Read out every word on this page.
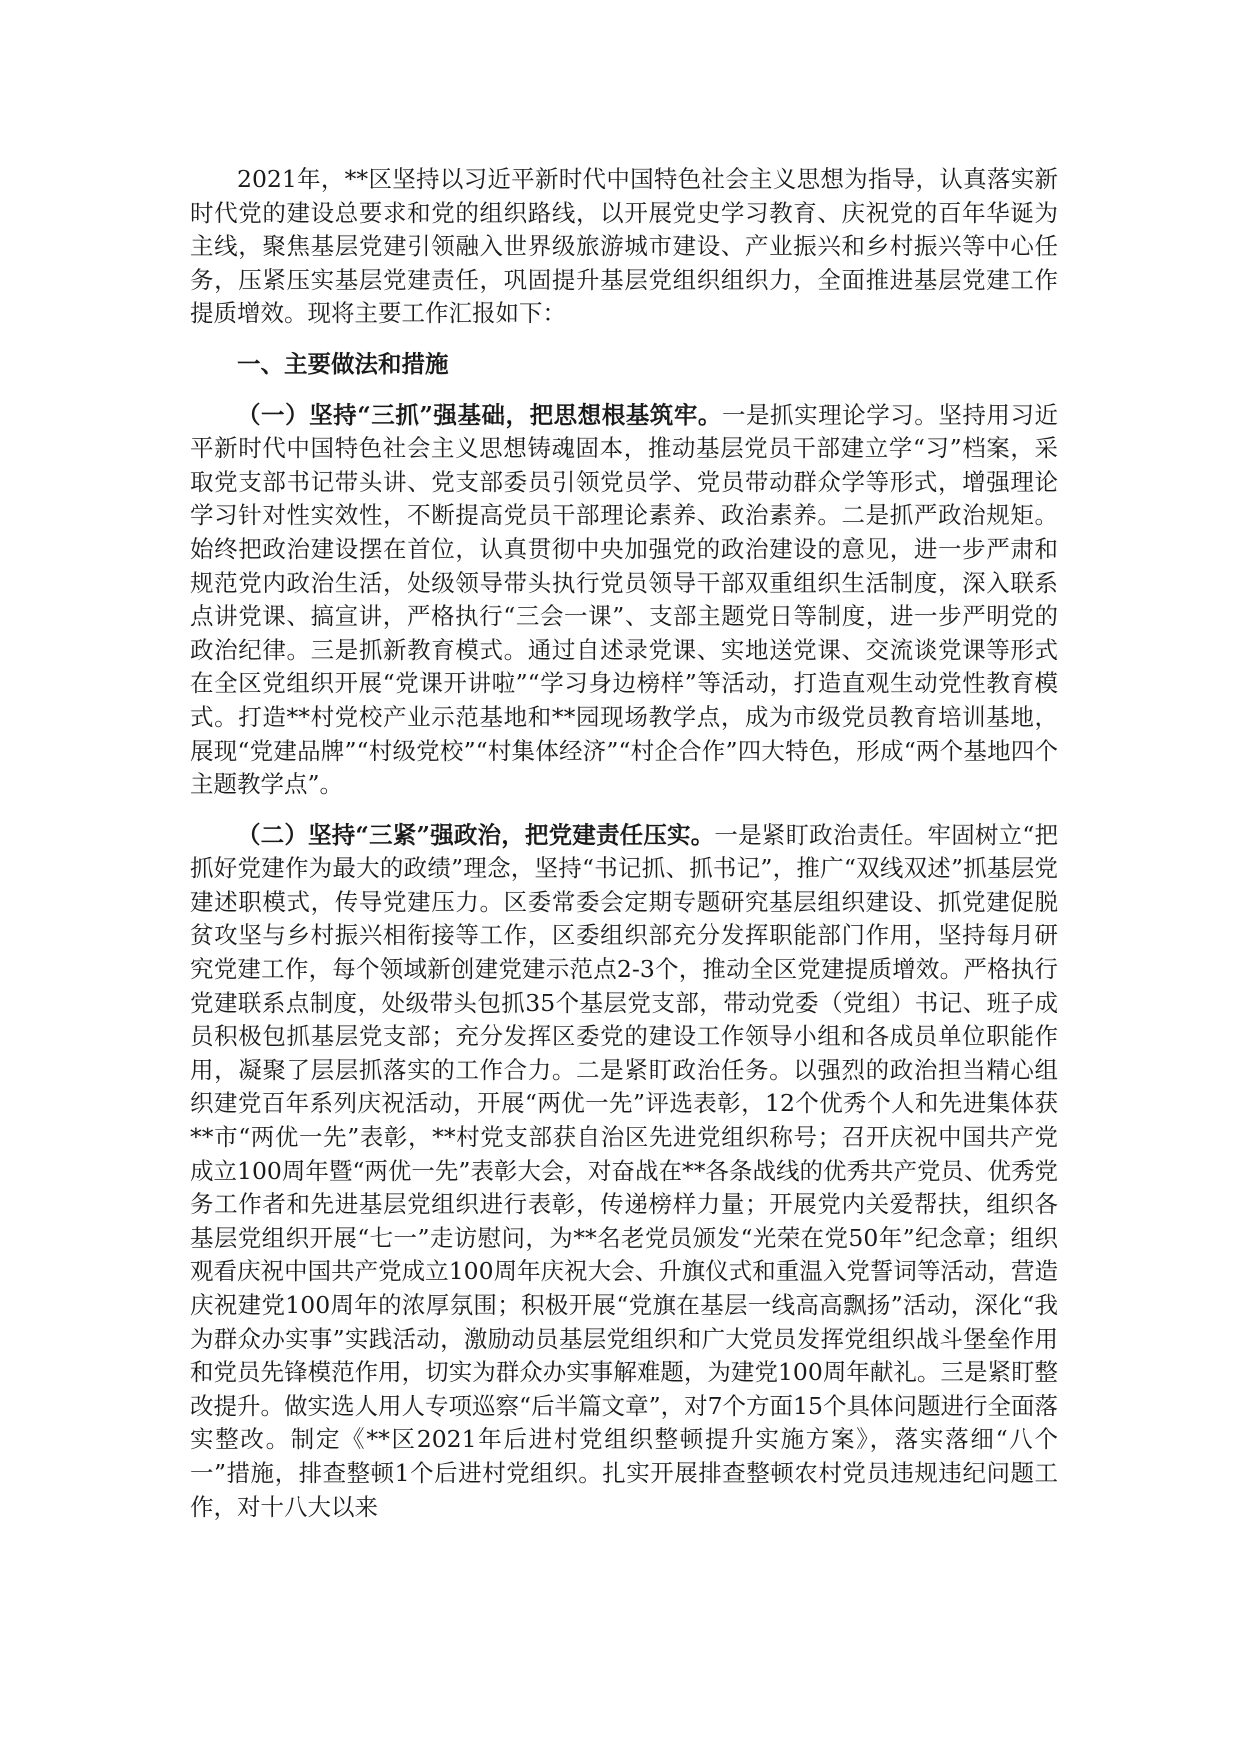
2021年，**区坚持以习近平新时代中国特色社会主义思想为指导，认真落实新时代党的建设总要求和党的组织路线，以开展党史学习教育、庆祝党的百年华诞为主线，聚焦基层党建引领融入世界级旅游城市建设、产业振兴和乡村振兴等中心任务，压紧压实基层党建责任，巩固提升基层党组织组织力，全面推进基层党建工作提质增效。现将主要工作汇报如下：

一、主要做法和措施

（一）坚持“三抓”强基础，把思想根基筑牢。一是抓实理论学习。坚持用习近平新时代中国特色社会主义思想铸魂固本，推动基层党员干部建立学“习”档案，采取党支部书记带头讲、党支部委员引领党员学、党员带动群众学等形式，增强理论学习针对性实效性，不断提高党员干部理论素养、政治素养。二是抓严政治规矩。始终把政治建设摆在首位，认真贯彻中央加强党的政治建设的意见，进一步严肃和规范党内政治生活，处级领导带头执行党员领导干部双重组织生活制度，深入联系点讲党课、搞宣讲，严格执行“三会一课”、支部主题党日等制度，进一步严明党的政治纪律。三是抓新教育模式。通过自述录党课、实地送党课、交流谈党课等形式在全区党组织开展“党课开讲啦”“学习身边榜样”等活动，打造直观生动党性教育模式。打造**村党校产业示范基地和**园现场教学点，成为市级党员教育培训基地，展现“党建品牌”“村级党校”“村集体经济”“村企合作”四大特色，形成“两个基地四个主题教学点”。

（二）坚持“三紧”强政治，把党建责任压实。一是紧盯政治责任。牢固树立“把抓好党建作为最大的政绩”理念，坚持“书记抓、抓书记”，推广“双线双述”抓基层党建述职模式，传导党建压力。区委常委会定期专题研究基层组织建设、抓党建促脱贫攻坚与乡村振兴相衔接等工作，区委组织部充分发挥职能部门作用，坚持每月研究党建工作，每个领域新创建党建示范点2-3个，推动全区党建提质增效。严格执行党建联系点制度，处级带头包抓35个基层党支部，带动党委（党组）书记、班子成员积极包抓基层党支部；充分发挥区委党的建设工作领导小组和各成员单位职能作用，凝聚了层层抓落实的工作合力。二是紧盯政治任务。以强烈的政治担当精心组织建党百年系列庆祝活动，开展“两优一先”评选表彰，12个优秀个人和先进集体获**市“两优一先”表彰，**村党支部获自治区先进党组织称号；召开庆祝中国共产党成立100周年暨“两优一先”表彰大会，对奋战在**各条战线的优秀共产党员、优秀党务工作者和先进基层党组织进行表彰，传递榜样力量；开展党内关爱帮扶，组织各基层党组织开展“七一”走访慰问，为**名老党员颁发“光荣在党50年”纪念章；组织观看庆祝中国共产党成立100周年庆祝大会、升旗仪式和重温入党誓词等活动，营造庆祝建党100周年的浓厚氛围；积极开展“党旗在基层一线高高飘扬”活动，深化“我为群众办实事”实践活动，激励动员基层党组织和广大党员发挥党组织战斗堡垒作用和党员先锋模范作用，切实为群众办实事解难题，为建党100周年献礼。三是紧盯整改提升。做实选人用人专项巡察“后半篇文章”，对7个方面15个具体问题进行全面落实整改。制定《**区2021年后进村党组织整顿提升实施方案》，落实落细“八个一”措施，排查整顿1个后进村党组织。扎实开展排查整顿农村党员违规违纪问题工作，对十八大以来
